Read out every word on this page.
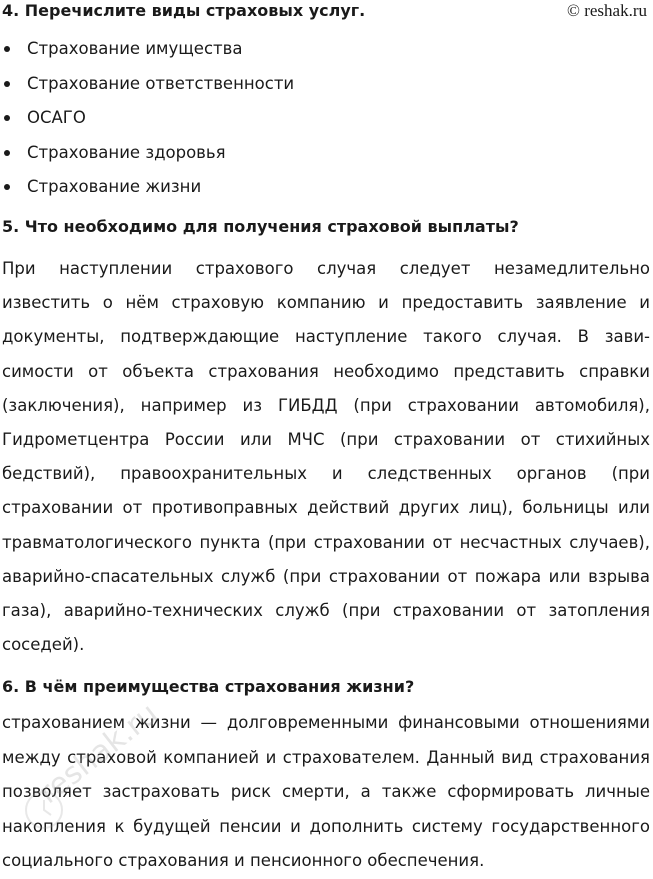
© reshak.ru
4. Перечислите виды страховых услуг.
Страхование имущества
Страхование ответственности
ОСАГО
Страхование здоровья
Страхование жизни
5. Что необходимо для получения страховой выплаты?
При наступлении страхового случая следует незамедлительно
известить о нём страховую компанию и предоставить заявление и
документы, подтверждающие наступление такого случая. В зави-
симости от объекта страхования необходимо представить справки
(заключения), например из ГИБДД (при страховании автомобиля),
Гидрометцентра России или МЧС (при страховании от стихийных
бедствий), правоохранительных и следственных органов (при
страховании от противоправных действий других лиц), больницы или
травматологического пункта (при страховании от несчастных случаев),
аварийно-спасательных служб (при страховании от пожара или взрыва
газа), аварийно-технических служб (при страховании от затопления
соседей).
6. В чём преимущества страхования жизни?
страхованием жизни — долговременными финансовыми отношениями
между страховой компанией и страхователем. Данный вид страхования
позволяет застраховать риск смерти, а также сформировать личные
накопления к будущей пенсии и дополнить систему государственного
социального страхования и пенсионного обеспечения.
reshak.ru
